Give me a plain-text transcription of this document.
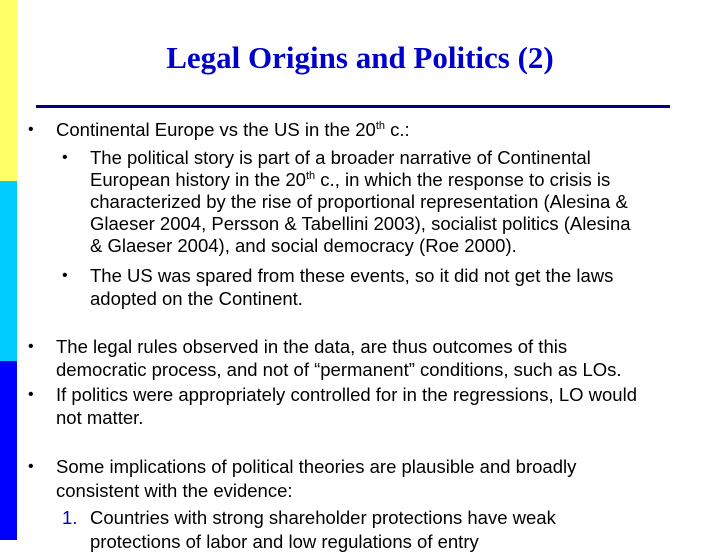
Legal Origins and Politics (2)
• Continental Europe vs the US in the 20th c.:
• The political story is part of a broader narrative of Continental
European history in the 20th c., in which the response to crisis is
characterized by the rise of proportional representation (Alesina &
Glaeser 2004, Persson & Tabellini 2003), socialist politics (Alesina
& Glaeser 2004), and social democracy (Roe 2000).
• The US was spared from these events, so it did not get the laws
adopted on the Continent.
• The legal rules observed in the data, are thus outcomes of this
democratic process, and not of “permanent” conditions, such as LOs.
• If politics were appropriately controlled for in the regressions, LO would
not matter.
• Some implications of political theories are plausible and broadly
consistent with the evidence:
1. Countries with strong shareholder protections have weak
protections of labor and low regulations of entry
